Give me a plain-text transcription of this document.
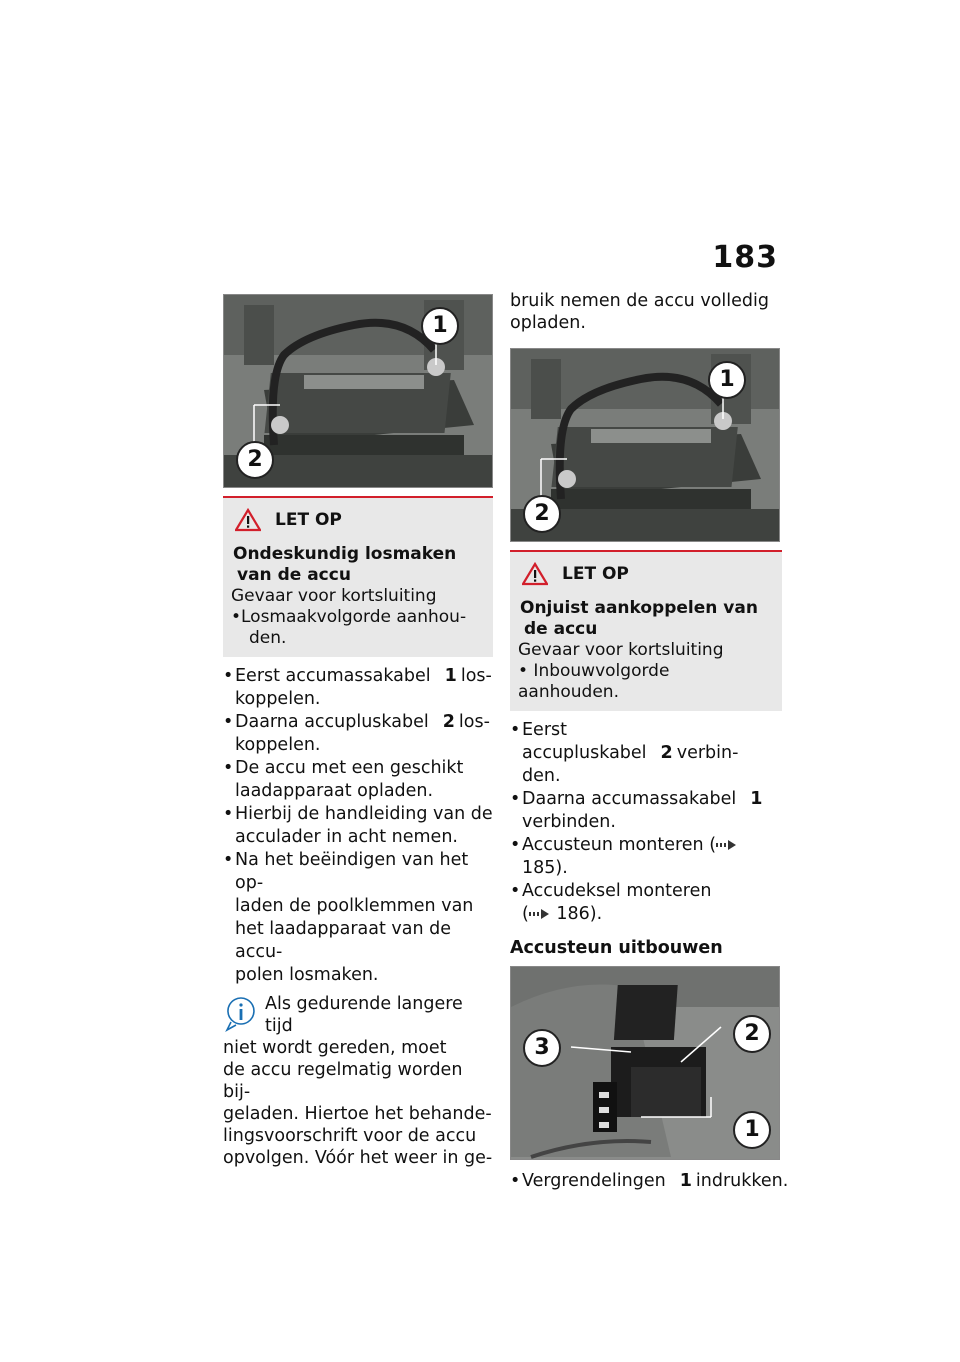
183
1
2
LET OP
Ondeskundig losmaken van de accu
Gevaar voor kortsluiting
• Losmaakvolgorde aanhou-
den.
• Eerst accumassakabel 1 los-
koppelen.
• Daarna accupluskabel 2 los-
koppelen.
• De accu met een geschikt
laadapparaat opladen.
• Hierbij de handleiding van de
acculader in acht nemen.
• Na het beëindigen van het op-
laden de poolklemmen van
het laadapparaat van de accu-
polen losmaken.
Als gedurende langere tijd
niet wordt gereden, moet
de accu regelmatig worden bij-
geladen. Hiertoe het behande-
lingsvoorschrift voor de accu
opvolgen. Vóór het weer in ge-
bruik nemen de accu volledig
opladen.
1
2
LET OP
Onjuist aankoppelen van de accu
Gevaar voor kortsluiting
• Inbouwvolgorde aanhouden.
• Eerst accupluskabel 2 verbin-
den.
• Daarna accumassakabel 1
verbinden.
• Accusteun monteren ( 185).
• Accudeksel monteren
( 186).
Accusteun uitbouwen
3
2
1
• Vergrendelingen 1 indrukken.
